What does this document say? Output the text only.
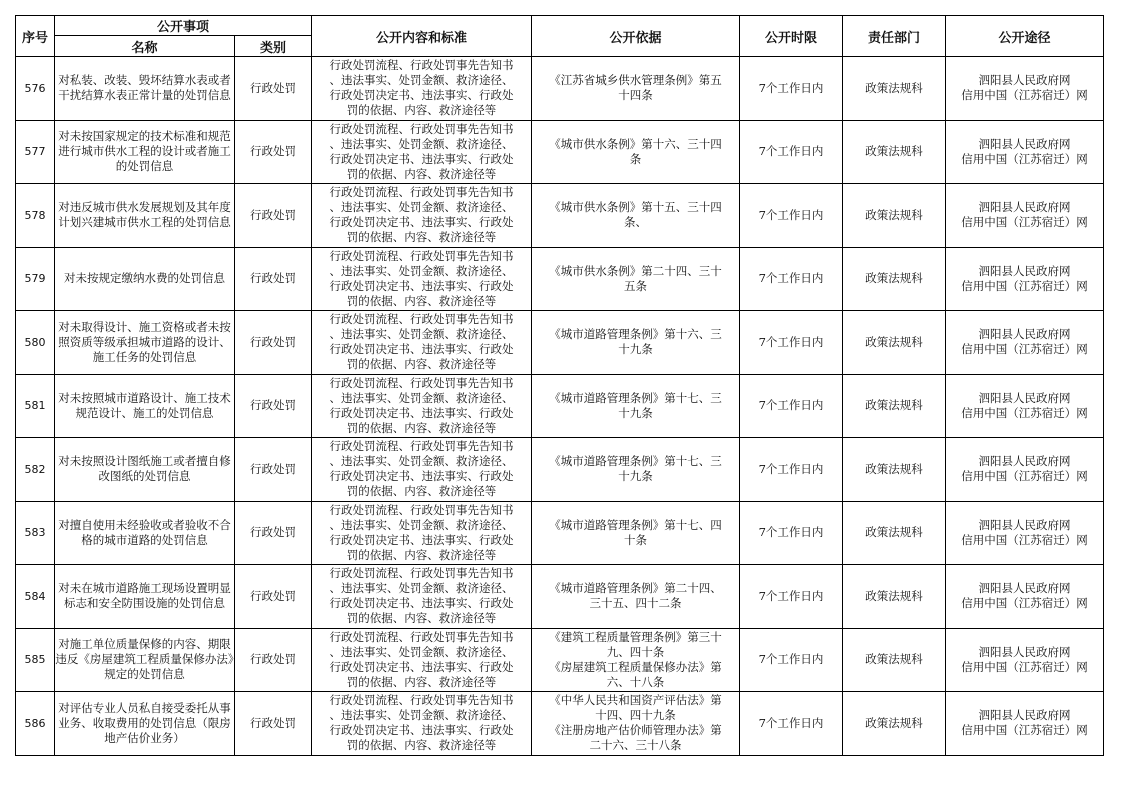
序号	公开事项		公开内容和标准	公开依据	公开时限	责任部门	公开途径
	名称	类别					
576	对私装、改装、毁坏结算水表或者干扰结算水表正常计量的处罚信息	行政处罚	行政处罚流程、行政处罚事先告知书
、违法事实、处罚金额、救济途径、
行政处罚决定书、违法事实、行政处
罚的依据、内容、救济途径等	《江苏省城乡供水管理条例》第五
十四条	7个工作日内	政策法规科	泗阳县人民政府网
信用中国（江苏宿迁）网

577	对未按国家规定的技术标准和规范进行城市供水工程的设计或者施工的处罚信息	行政处罚	行政处罚流程、行政处罚事先告知书
、违法事实、处罚金额、救济途径、
行政处罚决定书、违法事实、行政处
罚的依据、内容、救济途径等	《城市供水条例》第十六、三十四
条	7个工作日内	政策法规科	泗阳县人民政府网
信用中国（江苏宿迁）网

578	对违反城市供水发展规划及其年度计划兴建城市供水工程的处罚信息	行政处罚	行政处罚流程、行政处罚事先告知书
、违法事实、处罚金额、救济途径、
行政处罚决定书、违法事实、行政处
罚的依据、内容、救济途径等	《城市供水条例》第十五、三十四
条、	7个工作日内	政策法规科	泗阳县人民政府网
信用中国（江苏宿迁）网

579	对未按规定缴纳水费的处罚信息	行政处罚	行政处罚流程、行政处罚事先告知书
、违法事实、处罚金额、救济途径、
行政处罚决定书、违法事实、行政处
罚的依据、内容、救济途径等	《城市供水条例》第二十四、三十
五条	7个工作日内	政策法规科	泗阳县人民政府网
信用中国（江苏宿迁）网

580	对未取得设计、施工资格或者未按照资质等级承担城市道路的设计、施工任务的处罚信息	行政处罚	行政处罚流程、行政处罚事先告知书
、违法事实、处罚金额、救济途径、
行政处罚决定书、违法事实、行政处
罚的依据、内容、救济途径等	《城市道路管理条例》第十六、三
十九条	7个工作日内	政策法规科	泗阳县人民政府网
信用中国（江苏宿迁）网

581	对未按照城市道路设计、施工技术规范设计、施工的处罚信息	行政处罚	行政处罚流程、行政处罚事先告知书
、违法事实、处罚金额、救济途径、
行政处罚决定书、违法事实、行政处
罚的依据、内容、救济途径等	《城市道路管理条例》第十七、三
十九条	7个工作日内	政策法规科	泗阳县人民政府网
信用中国（江苏宿迁）网

582	对未按照设计图纸施工或者擅自修改图纸的处罚信息	行政处罚	行政处罚流程、行政处罚事先告知书
、违法事实、处罚金额、救济途径、
行政处罚决定书、违法事实、行政处
罚的依据、内容、救济途径等	《城市道路管理条例》第十七、三
十九条	7个工作日内	政策法规科	泗阳县人民政府网
信用中国（江苏宿迁）网

583	对擅自使用未经验收或者验收不合格的城市道路的处罚信息	行政处罚	行政处罚流程、行政处罚事先告知书
、违法事实、处罚金额、救济途径、
行政处罚决定书、违法事实、行政处
罚的依据、内容、救济途径等	《城市道路管理条例》第十七、四
十条	7个工作日内	政策法规科	泗阳县人民政府网
信用中国（江苏宿迁）网

584	对未在城市道路施工现场设置明显标志和安全防围设施的处罚信息	行政处罚	行政处罚流程、行政处罚事先告知书
、违法事实、处罚金额、救济途径、
行政处罚决定书、违法事实、行政处
罚的依据、内容、救济途径等	《城市道路管理条例》第二十四、
三十五、四十二条	7个工作日内	政策法规科	泗阳县人民政府网
信用中国（江苏宿迁）网

585	对施工单位质量保修的内容、期限违反《房屋建筑工程质量保修办法》规定的处罚信息	行政处罚	行政处罚流程、行政处罚事先告知书
、违法事实、处罚金额、救济途径、
行政处罚决定书、违法事实、行政处
罚的依据、内容、救济途径等	《建筑工程质量管理条例》第三十
九、四十条
《房屋建筑工程质量保修办法》第
六、十八条	7个工作日内	政策法规科	泗阳县人民政府网
信用中国（江苏宿迁）网

586	对评估专业人员私自接受委托从事业务、收取费用的处罚信息（限房地产估价业务）	行政处罚	行政处罚流程、行政处罚事先告知书
、违法事实、处罚金额、救济途径、
行政处罚决定书、违法事实、行政处
罚的依据、内容、救济途径等	《中华人民共和国资产评估法》第
十四、四十九条
《注册房地产估价师管理办法》第
二十六、三十八条	7个工作日内	政策法规科	泗阳县人民政府网
信用中国（江苏宿迁）网
